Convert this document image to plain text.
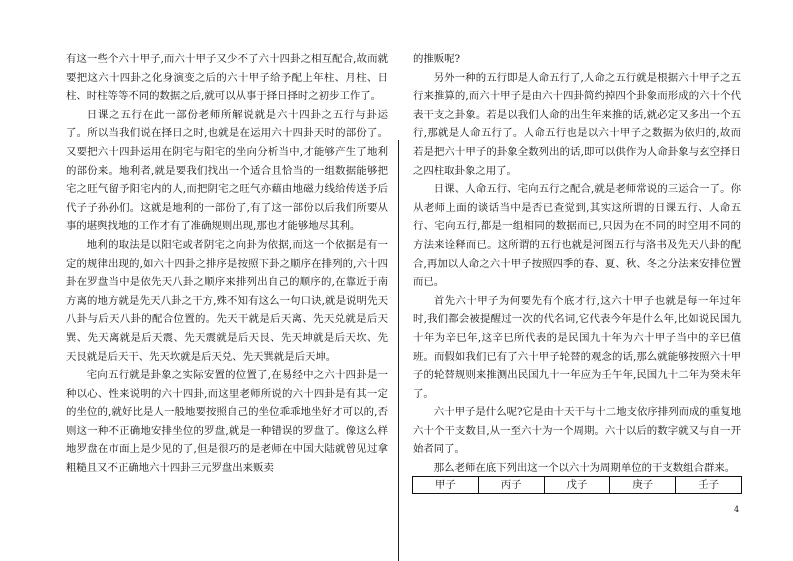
有这一些个六十甲子,而六十甲子又少不了六十四卦之相互配合,故而就要把这六十四卦之化身演变之后的六十甲子给予配上年柱、月柱、日柱、时柱等等不同的数据之后,就可以从事于择日择时之初步工作了。

日课之五行在此一部份老师所解说就是六十四卦之五行与卦运了。所以当我们说在择日之时,也就是在运用六十四卦天时的部份了。又要把六十四卦运用在阴宅与阳宅的坐向分析当中,才能够产生了地利的部份来。地利者,就是要我们找出一个适合且恰当的一组数据能够把宅之旺气留予阳宅内的人,而把阴宅之旺气亦藉由地磁力线给传送予后代子子孙孙们。这就是地利的一部份了,有了这一部份以后我们所要从事的堪舆找地的工作才有了准确规则出现,那也才能够地尽其利。

地利的取法是以阳宅或者阴宅之向卦为依据,而这一个依据是有一定的规律出现的,如六十四卦之排序是按照下卦之顺序在排列的,六十四卦在罗盘当中是依先天八卦之顺序来排列出自己的顺序的,在靠近于南方离的地方就是先天八卦之干方,殊不知有这么一句口诀,就是说明先天八卦与后天八卦的配合位置的。先天干就是后天离、先天兑就是后天巽、先天离就是后天震、先天震就是后天艮、先天坤就是后天坎、先天艮就是后天干、先天坎就是后天兑、先天巽就是后天坤。

宅向五行就是卦象之实际安置的位置了,在易经中之六十四卦是一种以心、性来说明的六十四卦,而这里老师所说的六十四卦是有其一定的坐位的,就好比是人一般地要按照自己的坐位乖乖地坐好才可以的,否则这一种不正确地安排坐位的罗盘,就是一种错误的罗盘了。像这么样地罗盘在市面上是少见的了,但是很巧的是老师在中国大陆就曾见过拿粗糙且又不正确地六十四卦三元罗盘出来贩卖

的推贩呢?

另外一种的五行即是人命五行了,人命之五行就是根据六十甲子之五行来推算的,而六十甲子是由六十四卦简约掉四个卦象而形成的六十个代表干支之卦象。若是以我们人命的出生年来推的话,就必定又多出一个五行,那就是人命五行了。人命五行也是以六十甲子之数据为依归的,故而若是把六十甲子的卦象全数列出的话,即可以供作为人命卦象与玄空择日之四柱取卦象之用了。

日课、人命五行、宅向五行之配合,就是老师常说的三运合一了。你从老师上面的谈话当中是否已查觉到,其实这所谓的日课五行、人命五行、宅向五行,都是一组相同的数据而已,只因为在不同的时空用不同的方法来诠释而已。这所谓的五行也就是河图五行与洛书及先天八卦的配合,再加以人命之六十甲子按照四季的春、夏、秋、冬之分法来安排位置而已。

首先六十甲子为何要先有个底才行,这六十甲子也就是每一年过年时,我们都会被提醒过一次的代名词,它代表今年是什么年,比如说民国九十年为辛巳年,这辛巳所代表的是民国九十年为六十甲子当中的辛巳值班。而假如我们已有了六十甲子轮替的观念的话,那么就能够按照六十甲子的轮替规则来推测出民国九十一年应为壬午年,民国九十二年为癸未年了。

六十甲子是什么呢?它是由十天干与十二地支依序排列而成的重复地六十个干支数目,从一至六十为一个周期。六十以后的数字就又与自一开始者同了。

那么老师在底下列出这一个以六十为周期单位的干支数组合群来。

甲子	丙子	戊子	庚子	壬子
4
